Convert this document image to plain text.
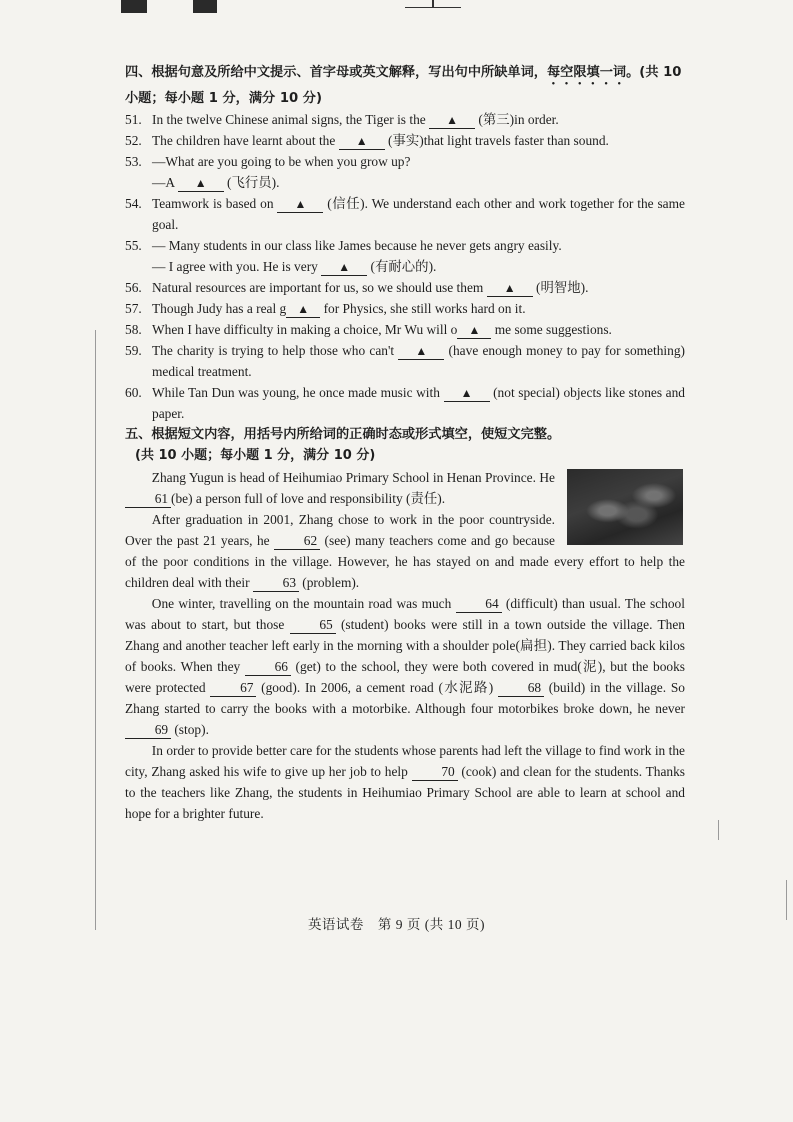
四、根据句意及所给中文提示、首字母或英文解释，写出句中所缺单词，每空限填一词。(共 10 小题；每小题 1 分，满分 10 分)
51. In the twelve Chinese animal signs, the Tiger is the ▲ (第三)in order.
52. The children have learnt about the ▲ (事实)that light travels faster than sound.
53. —What are you going to be when you grow up?
—A ▲ (飞行员).
54. Teamwork is based on ▲ (信任). We understand each other and work together for the same goal.
55. — Many students in our class like James because he never gets angry easily.
— I agree with you. He is very ▲ (有耐心的).
56. Natural resources are important for us, so we should use them ▲ (明智地).
57. Though Judy has a real g ▲ for Physics, she still works hard on it.
58. When I have difficulty in making a choice, Mr Wu will o ▲ me some suggestions.
59. The charity is trying to help those who can't ▲ (have enough money to pay for something) medical treatment.
60. While Tan Dun was young, he once made music with ▲ (not special) objects like stones and paper.
五、根据短文内容，用括号内所给词的正确时态或形式填空，使短文完整。
(共 10 小题；每小题 1 分，满分 10 分)

Zhang Yugun is head of Heihumiao Primary School in Henan Province. He 61 (be) a person full of love and responsibility (责任).

After graduation in 2001, Zhang chose to work in the poor countryside. Over the past 21 years, he 62 (see) many teachers come and go because of the poor conditions in the village. However, he has stayed on and made every effort to help the children deal with their 63 (problem).

One winter, travelling on the mountain road was much 64 (difficult) than usual. The school was about to start, but those 65 (student) books were still in a town outside the village. Then Zhang and another teacher left early in the morning with a shoulder pole(扁担). They carried back kilos of books. When they 66 (get) to the school, they were both covered in mud(泥), but the books were protected 67 (good). In 2006, a cement road (水泥路) 68 (build) in the village. So Zhang started to carry the books with a motorbike. Although four motorbikes broke down, he never 69 (stop).

In order to provide better care for the students whose parents had left the village to find work in the city, Zhang asked his wife to give up her job to help 70 (cook) and clean for the students. Thanks to the teachers like Zhang, the students in Heihumiao Primary School are able to learn at school and hope for a brighter future.

英语试卷　第 9 页 (共 10 页)
